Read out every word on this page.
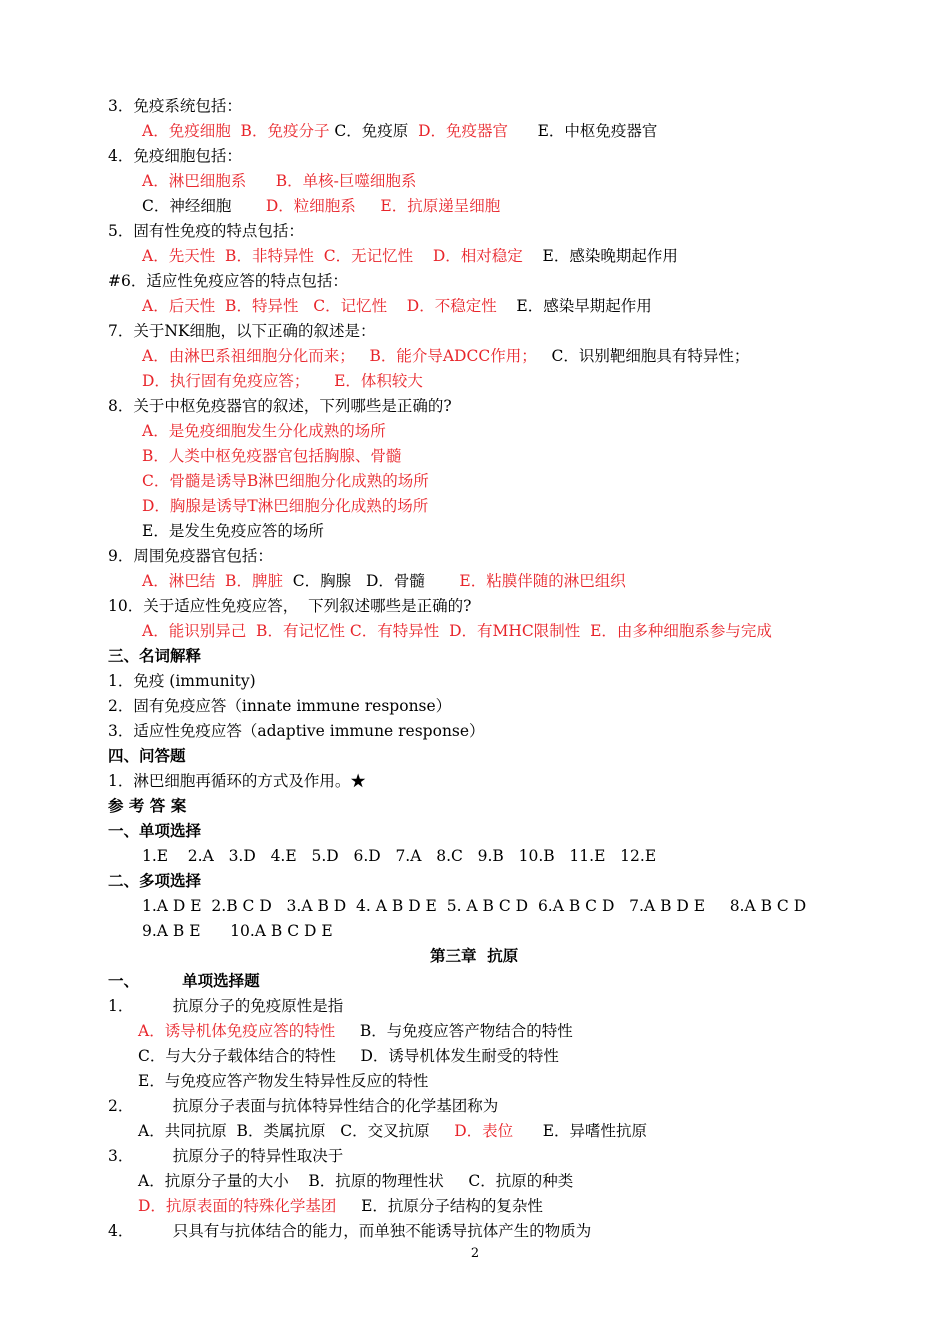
3．免疫系统包括：
A．免疫细胞  B．免疫分子 C．免疫原  D．免疫器官      E．中枢免疫器官
4．免疫细胞包括：
A．淋巴细胞系      B．单核-巨噬细胞系
C．神经细胞       D．粒细胞系     E．抗原递呈细胞
5．固有性免疫的特点包括：
A．先天性  B．非特异性  C．无记忆性    D．相对稳定    E．感染晚期起作用
#6．适应性免疫应答的特点包括：
A．后天性  B．特异性   C．记忆性    D．不稳定性    E．感染早期起作用
7．关于NK细胞，以下正确的叙述是：
A．由淋巴系祖细胞分化而来；   B．能介导ADCC作用；   C．识别靶细胞具有特异性；
D．执行固有免疫应答；     E．体积较大
8．关于中枢免疫器官的叙述，下列哪些是正确的?
A．是免疫细胞发生分化成熟的场所
B．人类中枢免疫器官包括胸腺、骨髓
C．骨髓是诱导B淋巴细胞分化成熟的场所
D．胸腺是诱导T淋巴细胞分化成熟的场所
E．是发生免疫应答的场所
9．周围免疫器官包括：
A．淋巴结  B．脾脏  C．胸腺   D．骨髓       E．粘膜伴随的淋巴组织
10．关于适应性免疫应答，  下列叙述哪些是正确的?
A．能识别异己  B．有记忆性 C．有特异性  D．有MHC限制性  E．由多种细胞系参与完成
三、名词解释
1．免疫 (immunity)
2．固有免疫应答（innate immune response）
3．适应性免疫应答（adaptive immune response）
四、问答题
1．淋巴细胞再循环的方式及作用。★
参 考 答 案
一、单项选择
1.E    2.A   3.D   4.E   5.D   6.D   7.A   8.C   9.B   10.B   11.E   12.E
二、多项选择
1.A D E  2.B C D   3.A B D  4. A B D E  5. A B C D  6.A B C D   7.A B D E     8.A B C D
9.A B E      10.A B C D E
第三章  抗原
一、        单项选择题
1．        抗原分子的免疫原性是指
A．诱导机体免疫应答的特性     B．与免疫应答产物结合的特性
C．与大分子载体结合的特性     D．诱导机体发生耐受的特性
E．与免疫应答产物发生特异性反应的特性
2．        抗原分子表面与抗体特异性结合的化学基团称为
A．共同抗原  B．类属抗原   C．交叉抗原     D．表位      E．异嗜性抗原
3．        抗原分子的特异性取决于
A．抗原分子量的大小    B．抗原的物理性状     C．抗原的种类
D．抗原表面的特殊化学基团     E．抗原分子结构的复杂性
4．        只具有与抗体结合的能力，而单独不能诱导抗体产生的物质为
2
